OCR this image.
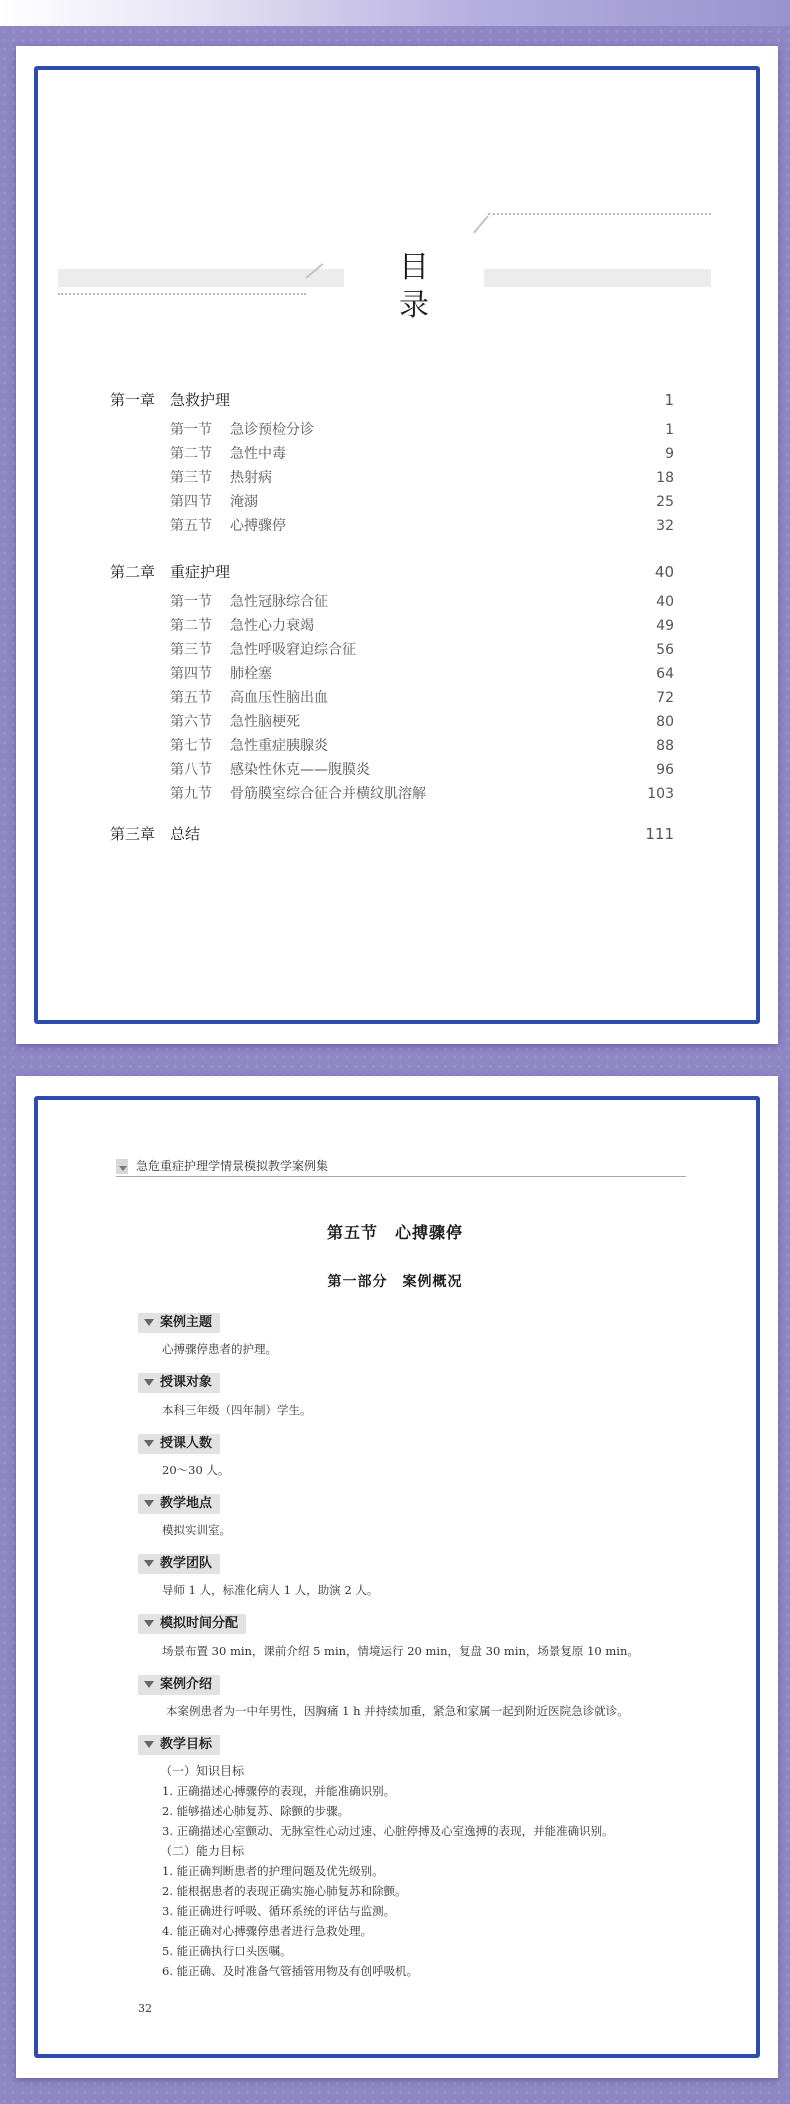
目 录
第一章 急救护理	1
第一节 急诊预检分诊	1
第二节 急性中毒	9
第三节 热射病	18
第四节 淹溺	25
第五节 心搏骤停	32
第二章 重症护理	40
第一节 急性冠脉综合征	40
第二节 急性心力衰竭	49
第三节 急性呼吸窘迫综合征	56
第四节 肺栓塞	64
第五节 高血压性脑出血	72
第六节 急性脑梗死	80
第七节 急性重症胰腺炎	88
第八节 感染性休克——腹膜炎	96
第九节 骨筋膜室综合征合并横纹肌溶解	103
第三章 总结	111
急危重症护理学情景模拟教学案例集
第五节　心搏骤停
第一部分　案例概况
案例主题
心搏骤停患者的护理。
授课对象
本科三年级（四年制）学生。
授课人数
20～30 人。
教学地点
模拟实训室。
教学团队
导师 1 人，标准化病人 1 人，助演 2 人。
模拟时间分配
场景布置 30 min，课前介绍 5 min，情境运行 20 min，复盘 30 min，场景复原 10 min。
案例介绍
本案例患者为一中年男性，因胸痛 1 h 并持续加重，紧急和家属一起到附近医院急诊就诊。
教学目标
（一）知识目标
1. 正确描述心搏骤停的表现，并能准确识别。
2. 能够描述心肺复苏、除颤的步骤。
3. 正确描述心室颤动、无脉室性心动过速、心脏停搏及心室逸搏的表现，并能准确识别。
（二）能力目标
1. 能正确判断患者的护理问题及优先级别。
2. 能根据患者的表现正确实施心肺复苏和除颤。
3. 能正确进行呼吸、循环系统的评估与监测。
4. 能正确对心搏骤停患者进行急救处理。
5. 能正确执行口头医嘱。
6. 能正确、及时准备气管插管用物及有创呼吸机。
32
